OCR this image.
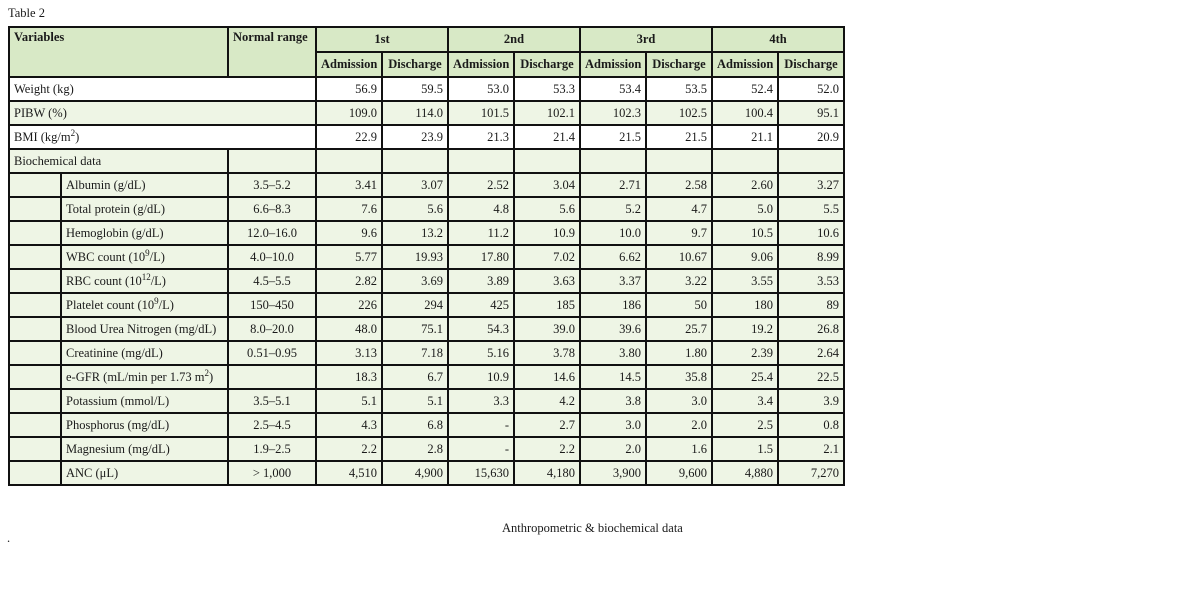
Table 2
Variables		Normal range	1st		2nd		3rd		4th	
			Admission	Discharge	Admission	Discharge	Admission	Discharge	Admission	Discharge
Weight (kg)			56.9	59.5	53.0	53.3	53.4	53.5	52.4	52.0
PIBW (%)			109.0	114.0	101.5	102.1	102.3	102.5	100.4	95.1
BMI $(kg/m^2)$			22.9	23.9	21.3	21.4	21.5	21.5	21.1	20.9
Biochemical data										
	Albumin (g/dL)	3.5–5.2	3.41	3.07	2.52	3.04	2.71	2.58	2.60	3.27
	Total protein (g/dL)	6.6–8.3	7.6	5.6	4.8	5.6	5.2	4.7	5.0	5.5
	Hemoglobin (g/dL)	12.0–16.0	9.6	13.2	11.2	10.9	10.0	9.7	10.5	10.6
	WBC count $(10^9/L)$	4.0–10.0	5.77	19.93	17.80	7.02	6.62	10.67	9.06	8.99
	RBC count $(10^{12}/L)$	4.5–5.5	2.82	3.69	3.89	3.63	3.37	3.22	3.55	3.53
	Platelet count $(10^9/L)$	150–450	226	294	425	185	186	50	180	89
	Blood Urea Nitrogen (mg/dL)	8.0–20.0	48.0	75.1	54.3	39.0	39.6	25.7	19.2	26.8
	Creatinine (mg/dL)	0.51–0.95	3.13	7.18	5.16	3.78	3.80	1.80	2.39	2.64
	e-GFR (mL/min per 1.73 $m^2$)		18.3	6.7	10.9	14.6	14.5	35.8	25.4	22.5
	Potassium (mmol/L)	3.5–5.1	5.1	5.1	3.3	4.2	3.8	3.0	3.4	3.9
	Phosphorus (mg/dL)	2.5–4.5	4.3	6.8	-	2.7	3.0	2.0	2.5	0.8
	Magnesium (mg/dL)	1.9–2.5	2.2	2.8	-	2.2	2.0	1.6	1.5	2.1
	ANC (μL)	> 1,000	4,510	4,900	15,630	4,180	3,900	9,600	4,880	7,270
Anthropometric & biochemical data
.
